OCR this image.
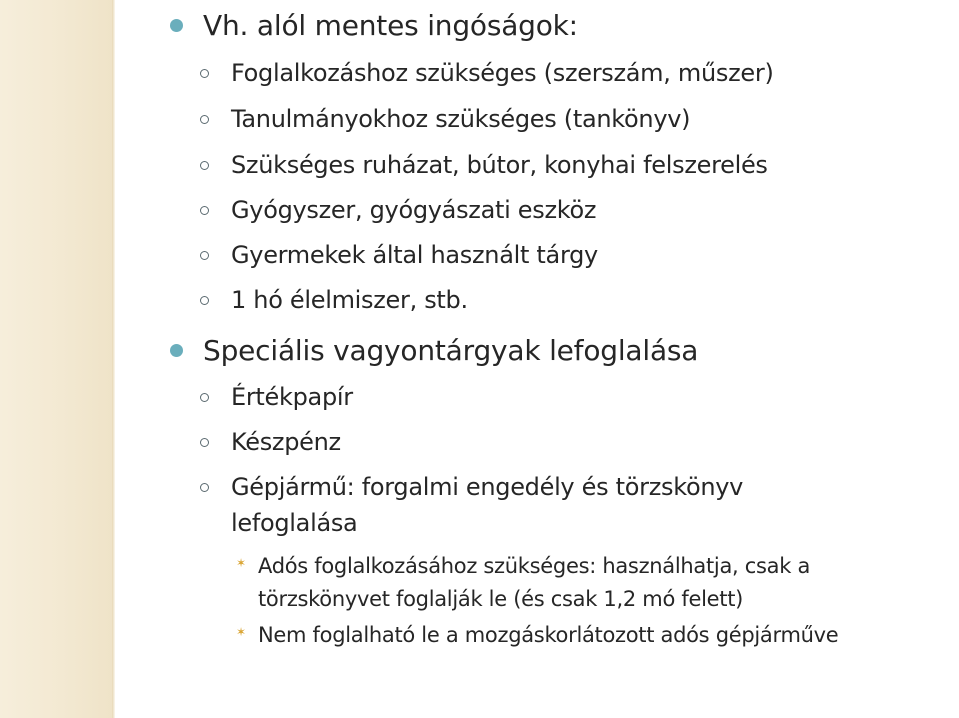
Vh. alól mentes ingóságok:
Foglalkozáshoz szükséges (szerszám, műszer)
Tanulmányokhoz szükséges (tankönyv)
Szükséges ruházat, bútor, konyhai felszerelés
Gyógyszer, gyógyászati eszköz
Gyermekek által használt tárgy
1 hó élelmiszer, stb.
Speciális vagyontárgyak lefoglalása
Értékpapír
Készpénz
Gépjármű: forgalmi engedély és törzskönyv
lefoglalása
✶ Adós foglalkozásához szükséges: használhatja, csak a
törzskönyvet foglalják le (és csak 1,2 mó felett)
✶ Nem foglalható le a mozgáskorlátozott adós gépjárműve
